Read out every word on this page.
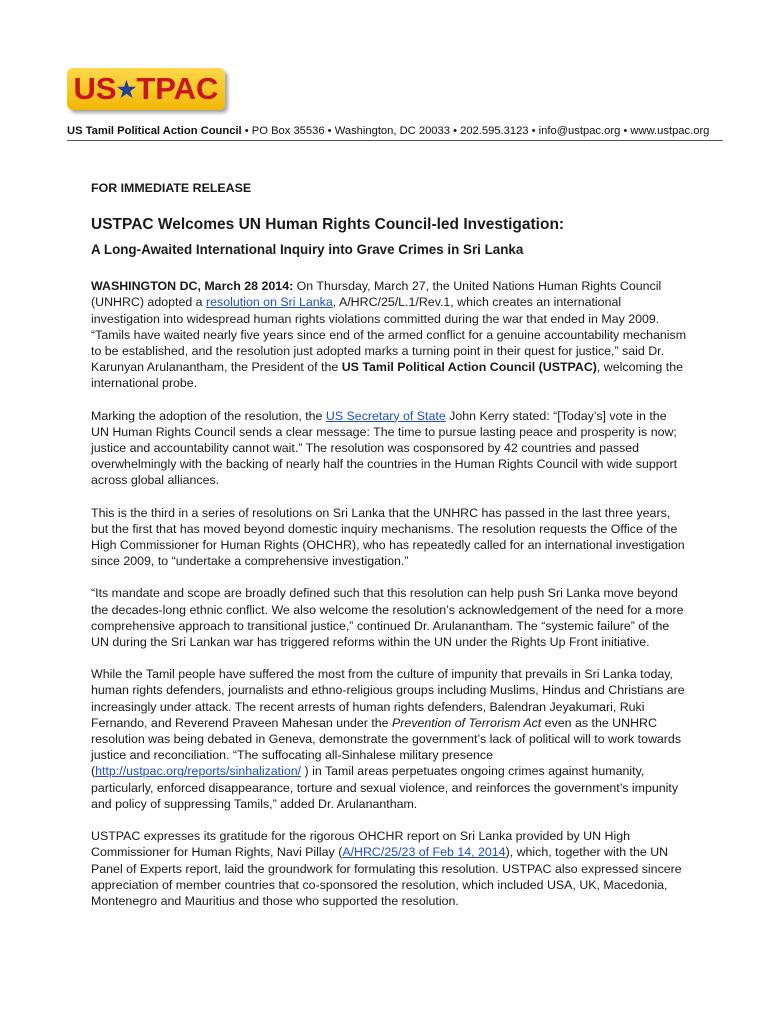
US★TPAC
US Tamil Political Action Council • PO Box 35536 • Washington, DC 20033 • 202.595.3123 • info@ustpac.org • www.ustpac.org

FOR IMMEDIATE RELEASE

USTPAC Welcomes UN Human Rights Council-led Investigation:

A Long-Awaited International Inquiry into Grave Crimes in Sri Lanka

WASHINGTON DC, March 28 2014: On Thursday, March 27, the United Nations Human Rights Council (UNHRC) adopted a resolution on Sri Lanka, A/HRC/25/L.1/Rev.1, which creates an international investigation into widespread human rights violations committed during the war that ended in May 2009. “Tamils have waited nearly five years since end of the armed conflict for a genuine accountability mechanism to be established, and the resolution just adopted marks a turning point in their quest for justice,” said Dr. Karunyan Arulanantham, the President of the US Tamil Political Action Council (USTPAC), welcoming the international probe.

Marking the adoption of the resolution, the US Secretary of State John Kerry stated: “[Today’s] vote in the UN Human Rights Council sends a clear message: The time to pursue lasting peace and prosperity is now; justice and accountability cannot wait.” The resolution was cosponsored by 42 countries and passed overwhelmingly with the backing of nearly half the countries in the Human Rights Council with wide support across global alliances.

This is the third in a series of resolutions on Sri Lanka that the UNHRC has passed in the last three years, but the first that has moved beyond domestic inquiry mechanisms. The resolution requests the Office of the High Commissioner for Human Rights (OHCHR), who has repeatedly called for an international investigation since 2009, to “undertake a comprehensive investigation.”

“Its mandate and scope are broadly defined such that this resolution can help push Sri Lanka move beyond the decades-long ethnic conflict. We also welcome the resolution’s acknowledgement of the need for a more comprehensive approach to transitional justice,” continued Dr. Arulanantham. The “systemic failure” of the UN during the Sri Lankan war has triggered reforms within the UN under the Rights Up Front initiative.

While the Tamil people have suffered the most from the culture of impunity that prevails in Sri Lanka today, human rights defenders, journalists and ethno-religious groups including Muslims, Hindus and Christians are increasingly under attack. The recent arrests of human rights defenders, Balendran Jeyakumari, Ruki Fernando, and Reverend Praveen Mahesan under the Prevention of Terrorism Act even as the UNHRC resolution was being debated in Geneva, demonstrate the government’s lack of political will to work towards justice and reconciliation. “The suffocating all-Sinhalese military presence (http://ustpac.org/reports/sinhalization/ ) in Tamil areas perpetuates ongoing crimes against humanity, particularly, enforced disappearance, torture and sexual violence, and reinforces the government’s impunity and policy of suppressing Tamils,” added Dr. Arulanantham.

USTPAC expresses its gratitude for the rigorous OHCHR report on Sri Lanka provided by UN High Commissioner for Human Rights, Navi Pillay (A/HRC/25/23 of Feb 14, 2014), which, together with the UN Panel of Experts report, laid the groundwork for formulating this resolution. USTPAC also expressed sincere appreciation of member countries that co-sponsored the resolution, which included USA, UK, Macedonia, Montenegro and Mauritius and those who supported the resolution.
